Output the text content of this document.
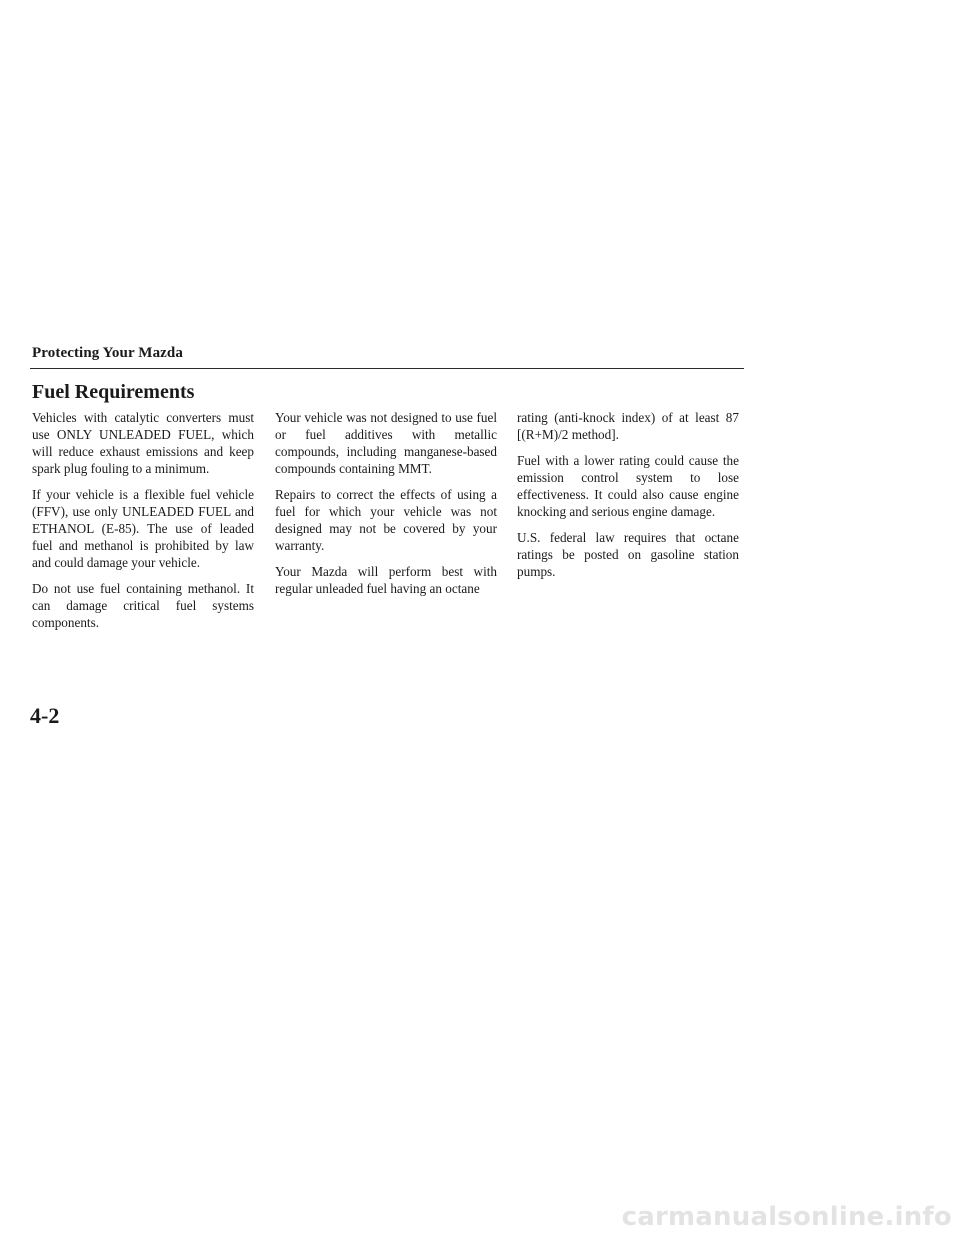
Protecting Your Mazda
Fuel Requirements

Vehicles with catalytic converters must use ONLY UNLEADED FUEL, which will reduce exhaust emissions and keep spark plug fouling to a minimum.

If your vehicle is a flexible fuel vehicle (FFV), use only UNLEADED FUEL and ETHANOL (E-85). The use of leaded fuel and methanol is prohibited by law and could damage your vehicle.

Do not use fuel containing methanol. It can damage critical fuel systems components.

Your vehicle was not designed to use fuel or fuel additives with metallic compounds, including manganese-based compounds containing MMT.

Repairs to correct the effects of using a fuel for which your vehicle was not designed may not be covered by your warranty.

Your Mazda will perform best with regular unleaded fuel having an octane

rating (anti-knock index) of at least 87 [(R+M)/2 method].

Fuel with a lower rating could cause the emission control system to lose effectiveness. It could also cause engine knocking and serious engine damage.

U.S. federal law requires that octane ratings be posted on gasoline station pumps.

4-2
carmanualsonline.info
